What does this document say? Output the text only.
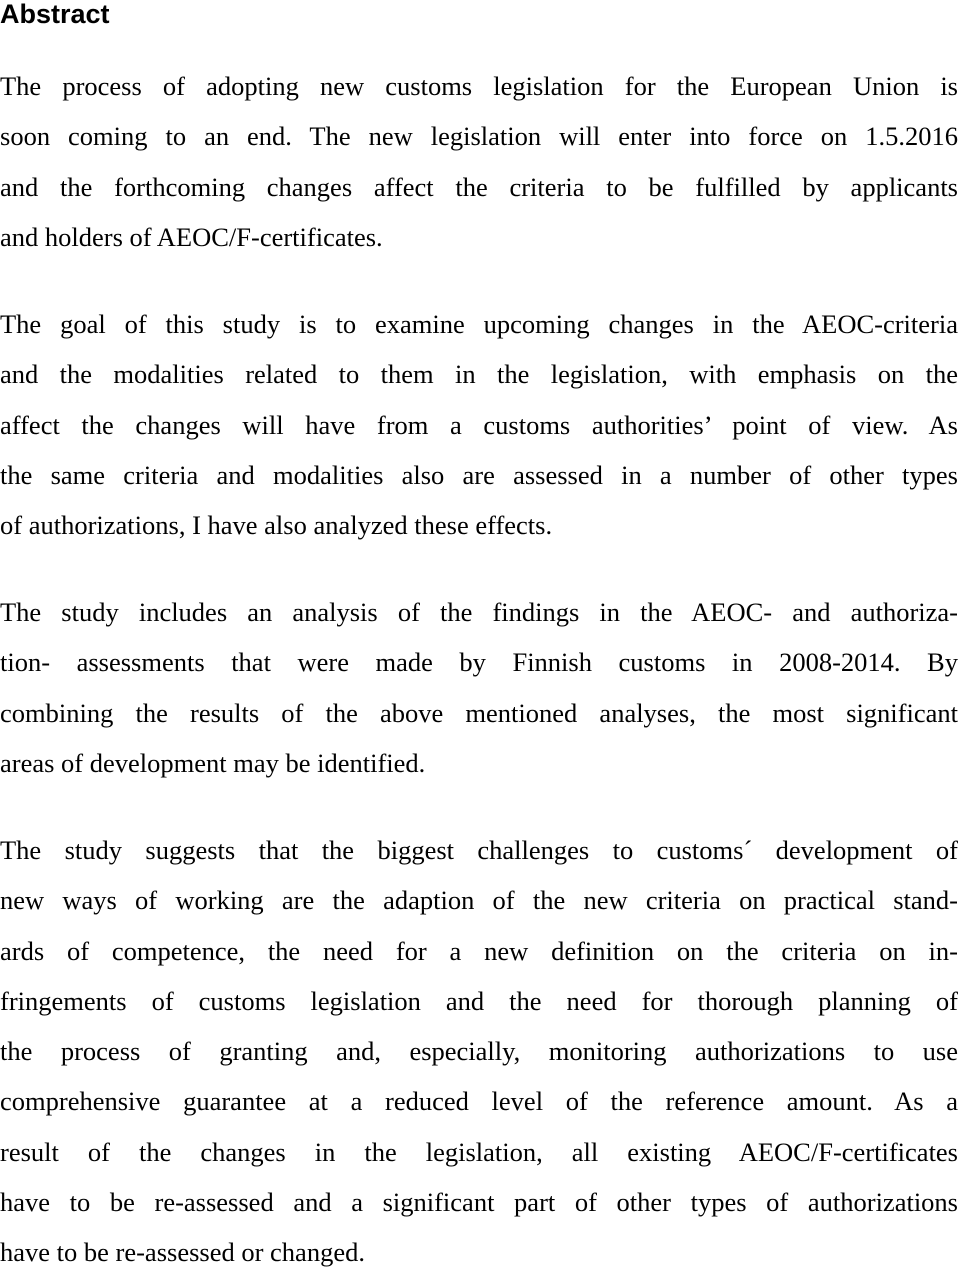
Abstract
The process of adopting new customs legislation for the European Union is
soon coming to an end. The new legislation will enter into force on 1.5.2016
and the forthcoming changes affect the criteria to be fulfilled by applicants
and holders of AEOC/F-certificates.
The goal of this study is to examine upcoming changes in the AEOC-criteria
and the modalities related to them in the legislation, with emphasis on the
affect the changes will have from a customs authorities’ point of view. As
the same criteria and modalities also are assessed in a number of other types
of authorizations, I have also analyzed these effects.
The study includes an analysis of the findings in the AEOC- and authoriza-
tion- assessments that were made by Finnish customs in 2008-2014. By
combining the results of the above mentioned analyses, the most significant
areas of development may be identified.
The study suggests that the biggest challenges to customs´ development of
new ways of working are the adaption of the new criteria on practical stand-
ards of competence, the need for a new definition on the criteria on in-
fringements of customs legislation and the need for thorough planning of
the process of granting and, especially, monitoring authorizations to use
comprehensive guarantee at a reduced level of the reference amount. As a
result of the changes in the legislation, all existing AEOC/F-certificates
have to be re-assessed and a significant part of other types of authorizations
have to be re-assessed or changed.
